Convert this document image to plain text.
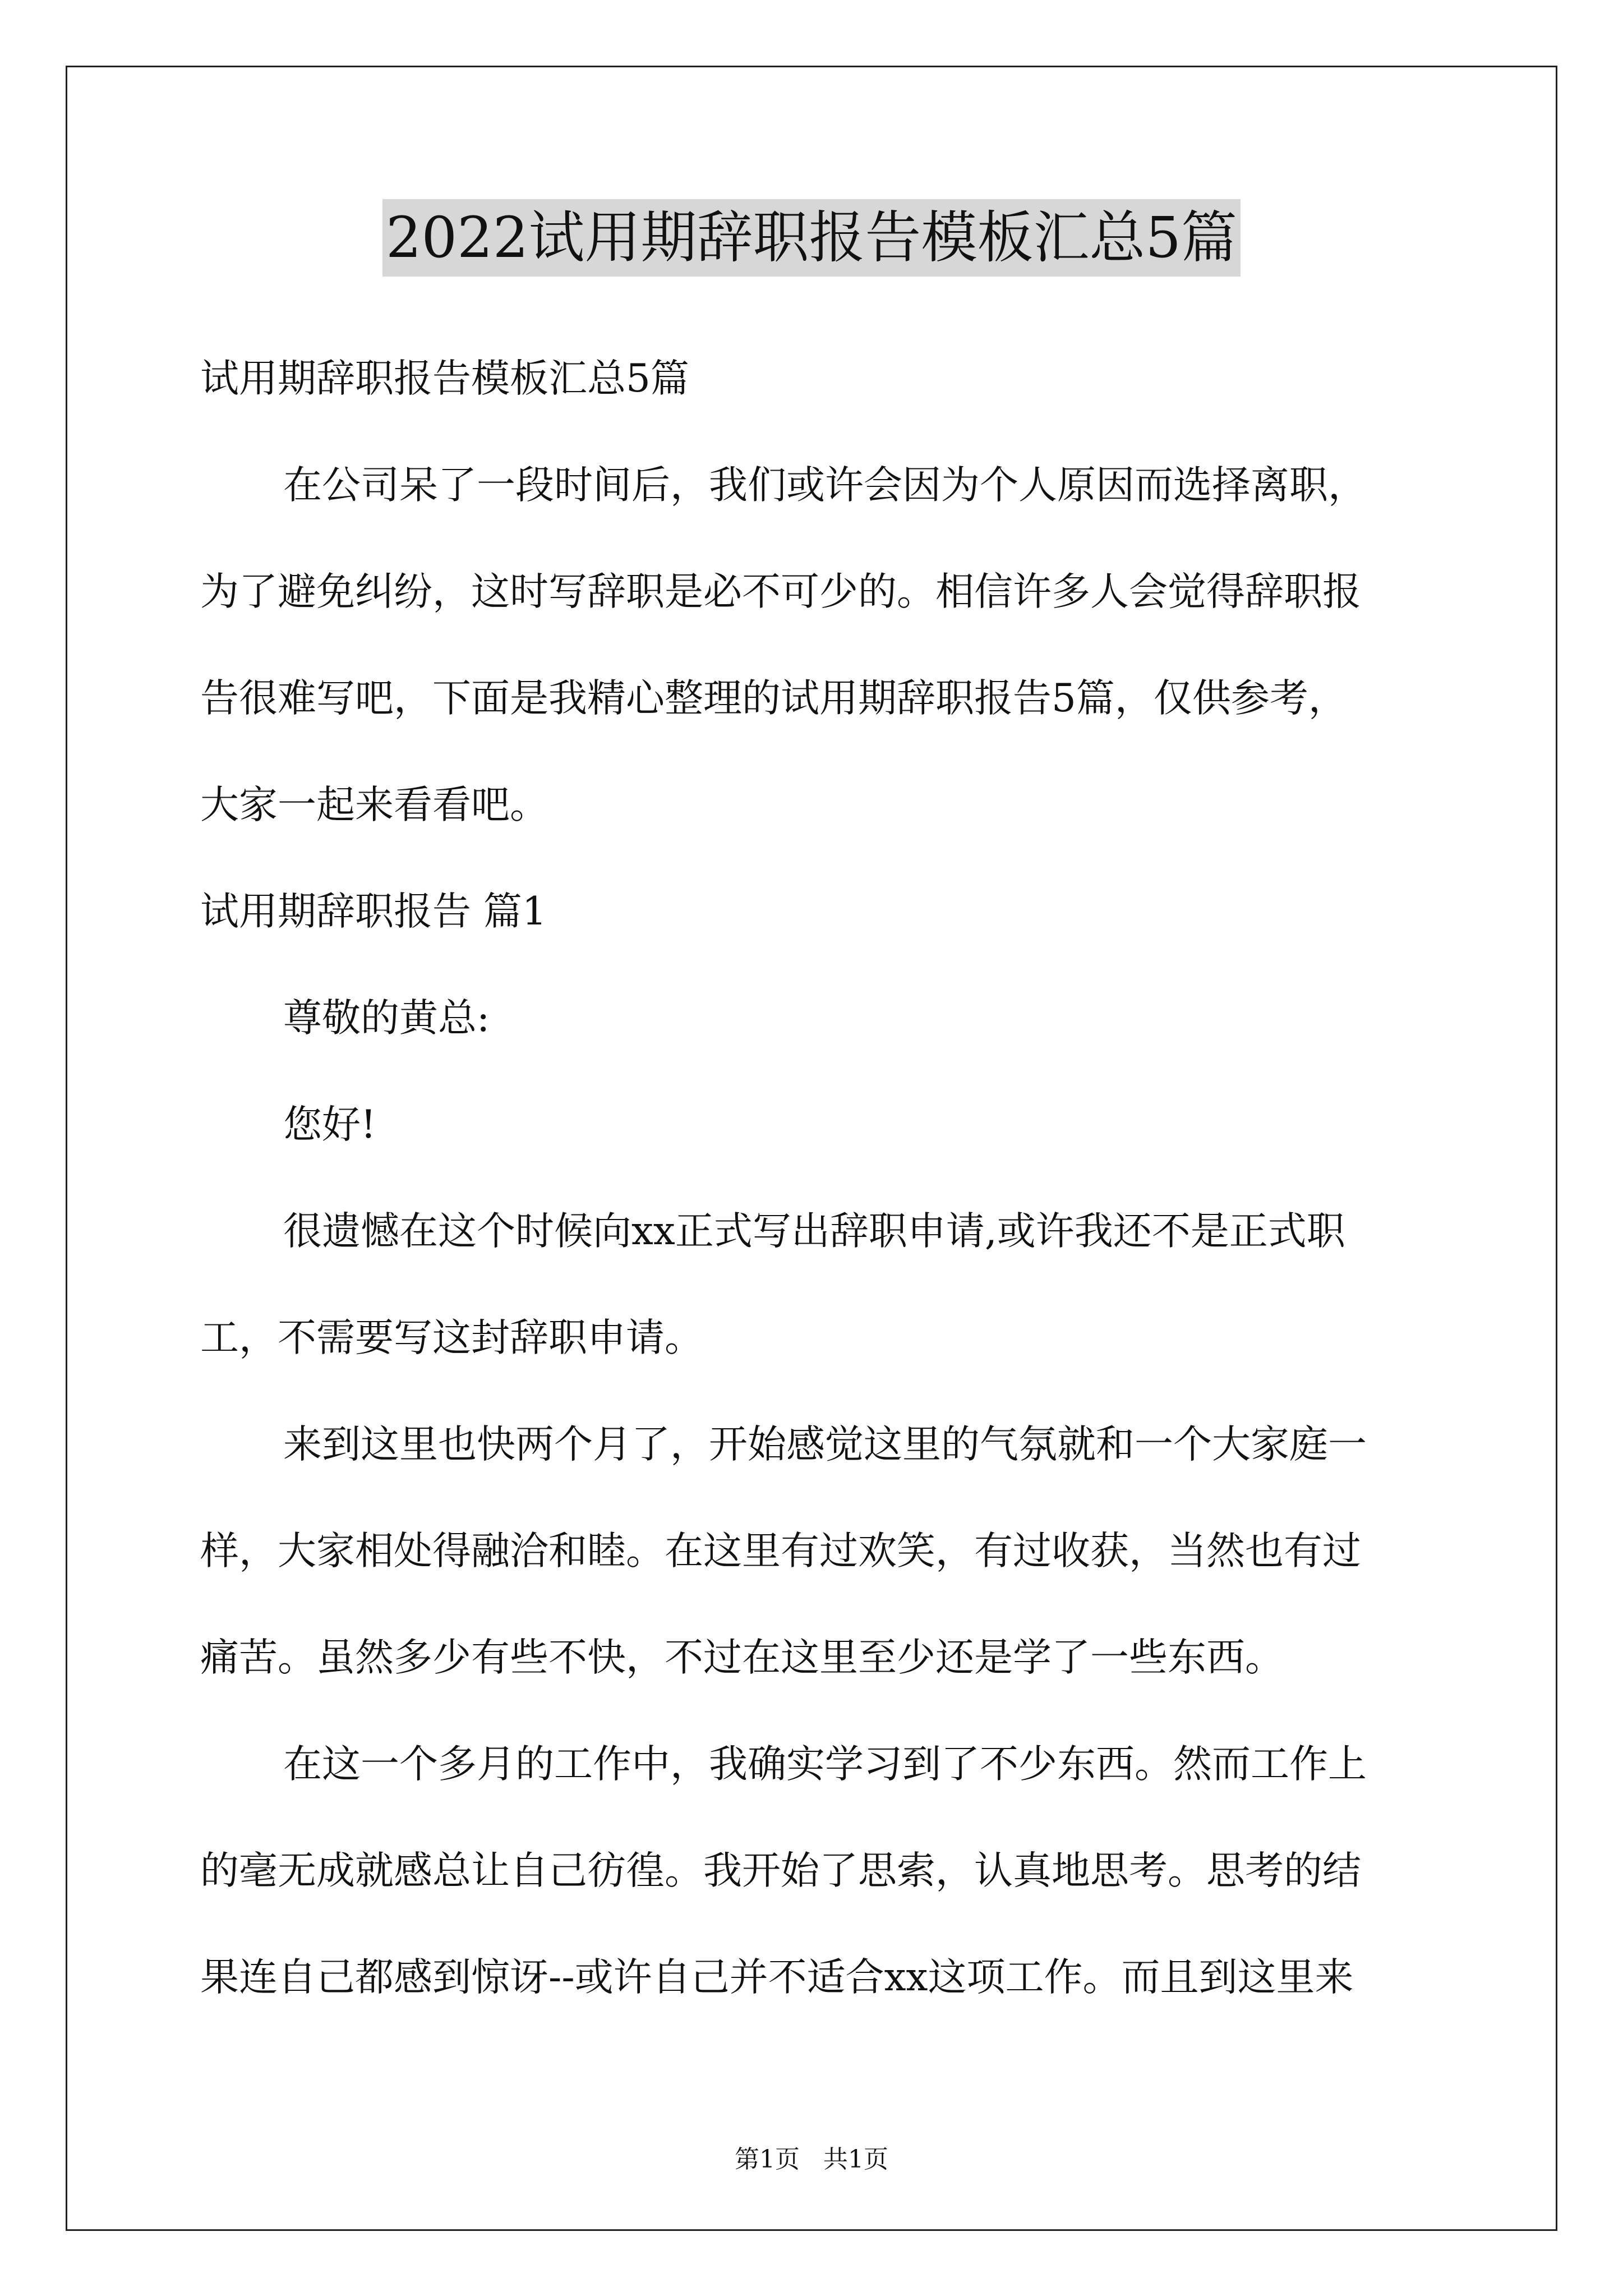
2022试用期辞职报告模板汇总5篇

试用期辞职报告模板汇总5篇

在公司呆了一段时间后，我们或许会因为个人原因而选择离职，

为了避免纠纷，这时写辞职是必不可少的。相信许多人会觉得辞职报

告很难写吧，下面是我精心整理的试用期辞职报告5篇，仅供参考，

大家一起来看看吧。

试用期辞职报告 篇1

尊敬的黄总:

您好!

很遗憾在这个时候向xx正式写出辞职申请,或许我还不是正式职

工，不需要写这封辞职申请。

来到这里也快两个月了，开始感觉这里的气氛就和一个大家庭一

样，大家相处得融洽和睦。在这里有过欢笑，有过收获，当然也有过

痛苦。虽然多少有些不快，不过在这里至少还是学了一些东西。

在这一个多月的工作中，我确实学习到了不少东西。然而工作上

的毫无成就感总让自己彷徨。我开始了思索，认真地思考。思考的结

果连自己都感到惊讶--或许自己并不适合xx这项工作。而且到这里来

第1页 共1页
